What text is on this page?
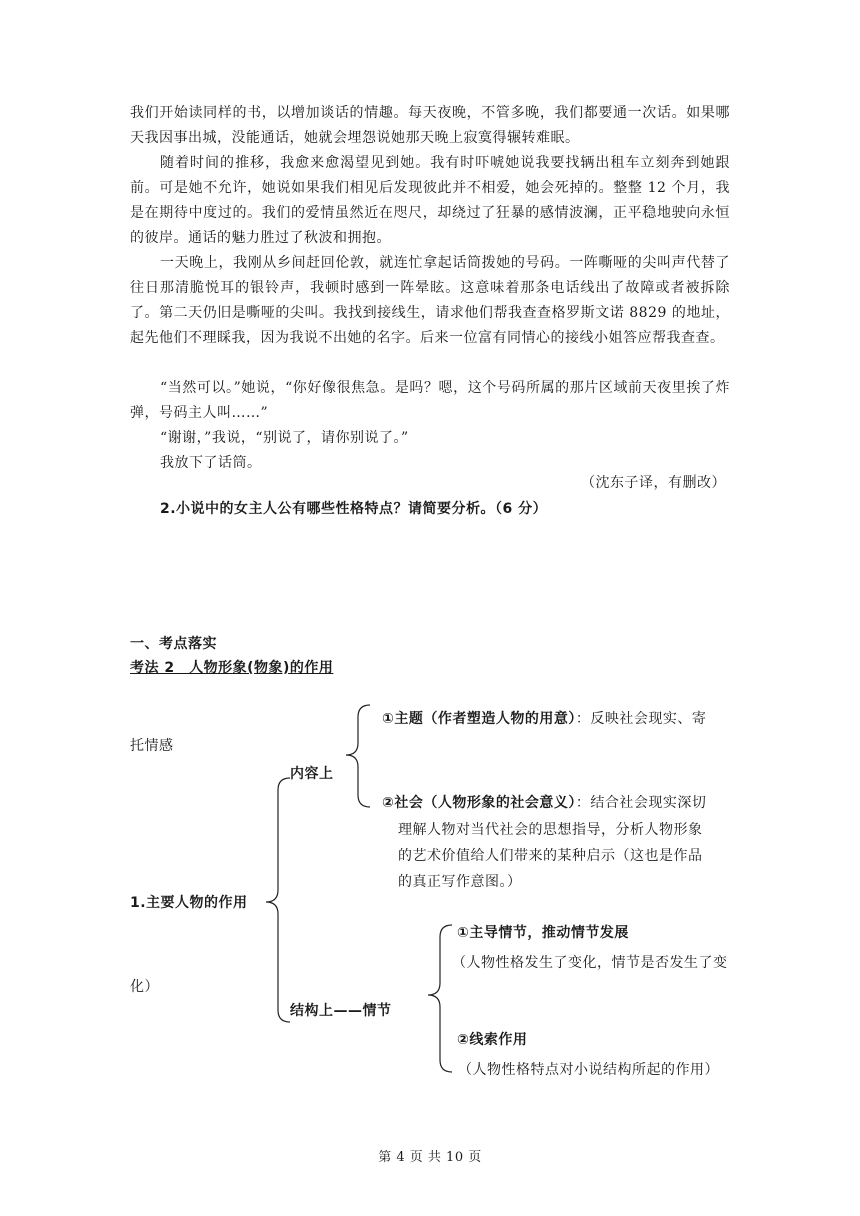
我们开始读同样的书，以增加谈话的情趣。每天夜晚，不管多晚，我们都要通一次话。如果哪天我因事出城，没能通话，她就会埋怨说她那天晚上寂寞得辗转难眠。

随着时间的推移，我愈来愈渴望见到她。我有时吓唬她说我要找辆出租车立刻奔到她跟前。可是她不允许，她说如果我们相见后发现彼此并不相爱，她会死掉的。整整 12 个月，我是在期待中度过的。我们的爱情虽然近在咫尺，却绕过了狂暴的感情波澜，正平稳地驶向永恒的彼岸。通话的魅力胜过了秋波和拥抱。

一天晚上，我刚从乡间赶回伦敦，就连忙拿起话筒拨她的号码。一阵嘶哑的尖叫声代替了往日那清脆悦耳的银铃声，我顿时感到一阵晕眩。这意味着那条电话线出了故障或者被拆除了。第二天仍旧是嘶哑的尖叫。我找到接线生，请求他们帮我查查格罗斯文诺 8829 的地址，起先他们不理睬我，因为我说不出她的名字。后来一位富有同情心的接线小姐答应帮我查查。

“当然可以。”她说，“你好像很焦急。是吗？嗯，这个号码所属的那片区域前天夜里挨了炸弹，号码主人叫……”

“谢谢，”我说，“别说了，请你别说了。”

我放下了话筒。

（沈东子译，有删改）
2.小说中的女主人公有哪些性格特点？请简要分析。（6 分）
一、考点落实
考法 2　人物形象(物象)的作用
①主题（作者塑造人物的用意）：反映社会现实、寄
托情感
内容上
②社会（人物形象的社会意义）：结合社会现实深切
理解人物对当代社会的思想指导，分析人物形象
的艺术价值给人们带来的某种启示（这也是作品
的真正写作意图。）
1.主要人物的作用
①主导情节，推动情节发展
（人物性格发生了变化，情节是否发生了变
化）
结构上——情节
②线索作用
（人物性格特点对小说结构所起的作用）
第 4 页 共 10 页
